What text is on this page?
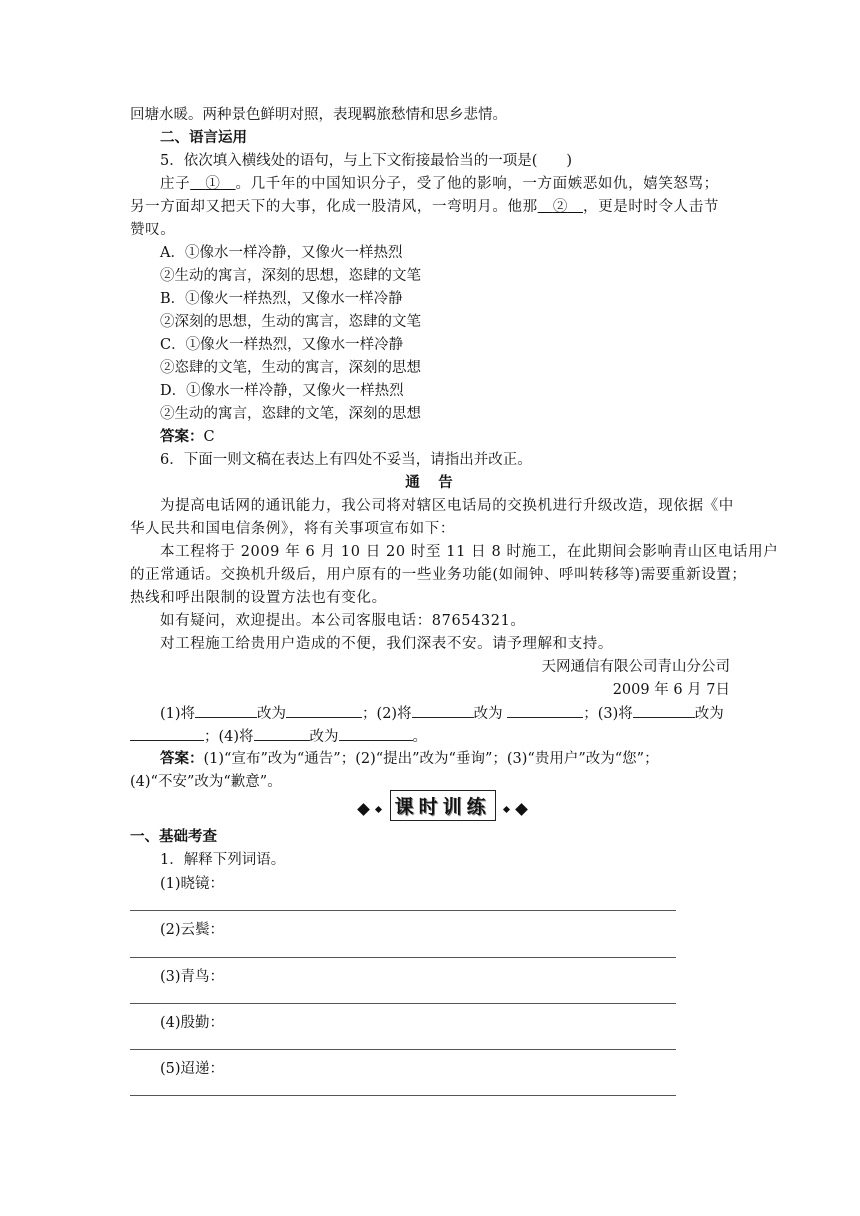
回塘水暖。两种景色鲜明对照，表现羁旅愁情和思乡悲情。
二、语言运用
5．依次填入横线处的语句，与上下文衔接最恰当的一项是(　　)
庄子  ①  。几千年的中国知识分子，受了他的影响，一方面嫉恶如仇，嬉笑怒骂；
另一方面却又把天下的大事，化成一股清风，一弯明月。他那  ②  ，更是时时令人击节
赞叹。
A．①像水一样冷静，又像火一样热烈
②生动的寓言，深刻的思想，恣肆的文笔
B．①像火一样热烈，又像水一样冷静
②深刻的思想，生动的寓言，恣肆的文笔
C．①像火一样热烈，又像水一样冷静
②恣肆的文笔，生动的寓言，深刻的思想
D．①像水一样冷静，又像火一样热烈
②生动的寓言，恣肆的文笔，深刻的思想
答案：C
6．下面一则文稿在表达上有四处不妥当，请指出并改正。
通　告
为提高电话网的通讯能力，我公司将对辖区电话局的交换机进行升级改造，现依据《中
华人民共和国电信条例》，将有关事项宣布如下：
本工程将于 2009 年 6 月 10 日 20 时至 11 日 8 时施工，在此期间会影响青山区电话用户
的正常通话。交换机升级后，用户原有的一些业务功能(如闹钟、呼叫转移等)需要重新设置；
热线和呼出限制的设置方法也有变化。
如有疑问，欢迎提出。本公司客服电话：87654321。
对工程施工给贵用户造成的不便，我们深表不安。请予理解和支持。
天网通信有限公司青山分公司
2009 年 6 月 7日
(1)将	改为	；(2)将	改为	；(3)将	改为
；(4)将	改为	。
答案：(1)“宣布”改为“通告”；(2)“提出”改为“垂询”；(3)“贵用户”改为“您”；
(4)“不安”改为“歉意”。
课时训练
一、基础考查
1．解释下列词语。
(1)晓镜：
(2)云鬓：
(3)青鸟：
(4)殷勤：
(5)迢递：
